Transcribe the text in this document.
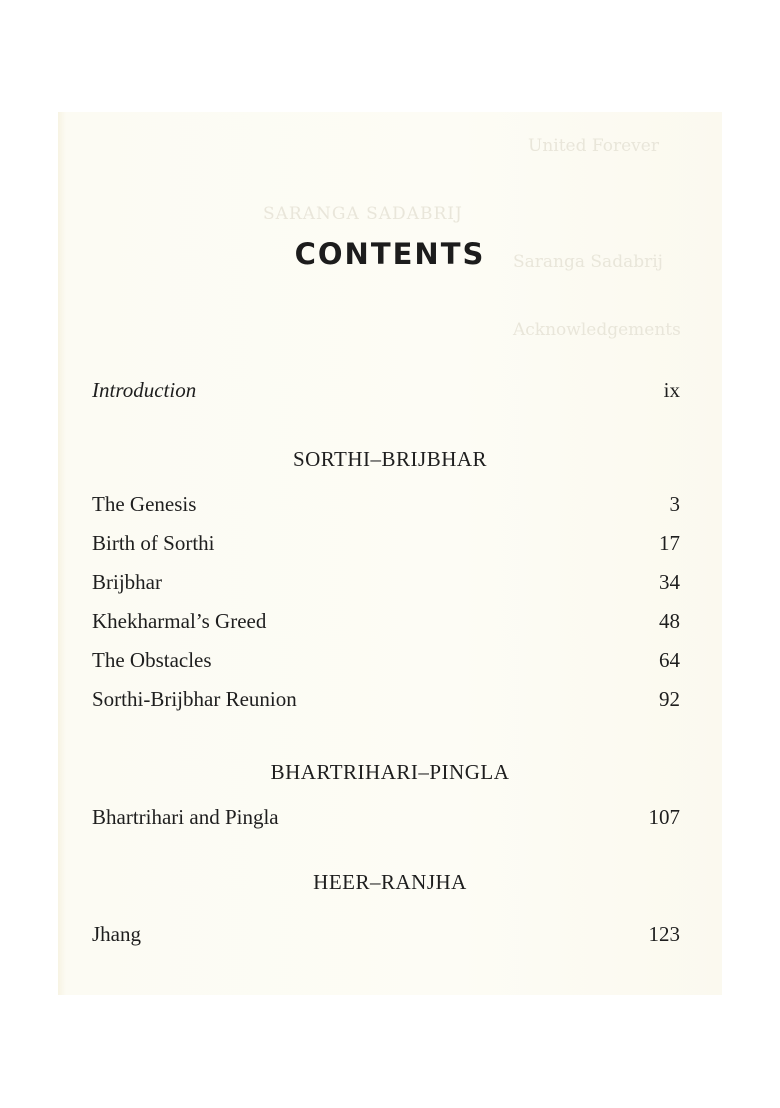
United Forever
SARANGA SADABRIJ
Saranga Sadabrij
Acknowledgements
CONTENTS
Introduction	ix
SORTHI–BRIJBHAR
The Genesis	3
Birth of Sorthi	17
Brijbhar	34
Khekharmal’s Greed	48
The Obstacles	64
Sorthi-Brijbhar Reunion	92
BHARTRIHARI–PINGLA
Bhartrihari and Pingla	107
HEER–RANJHA
Jhang	123
